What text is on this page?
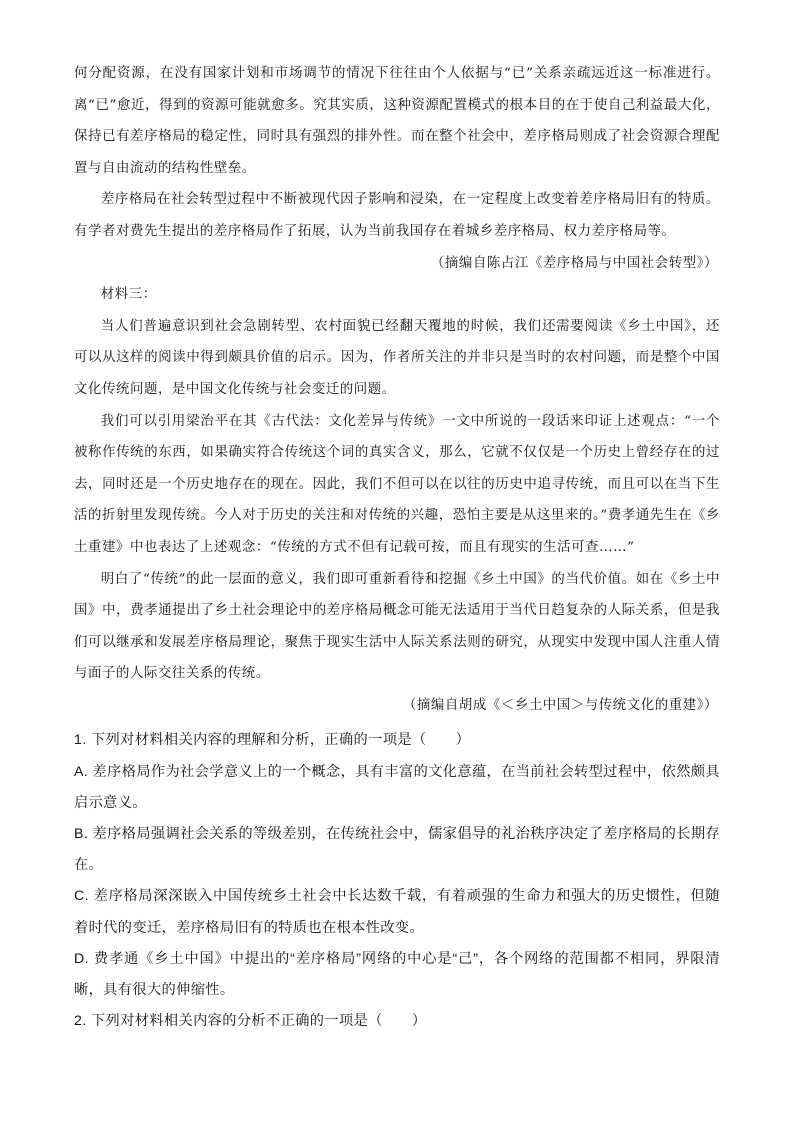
何分配资源，在没有国家计划和市场调节的情况下往往由个人依据与“已”关系亲疏远近这一标准进行。离“已”愈近，得到的资源可能就愈多。究其实质，这种资源配置模式的根本目的在于使自己利益最大化，保持已有差序格局的稳定性，同时具有强烈的排外性。而在整个社会中，差序格局则成了社会资源合理配置与自由流动的结构性壁垒。

差序格局在社会转型过程中不断被现代因子影响和浸染，在一定程度上改变着差序格局旧有的特质。有学者对费先生提出的差序格局作了拓展，认为当前我国存在着城乡差序格局、权力差序格局等。

（摘编自陈占江《差序格局与中国社会转型》）

材料三：

当人们普遍意识到社会急剧转型、农村面貌已经翻天覆地的时候，我们还需要阅读《乡土中国》，还可以从这样的阅读中得到颇具价值的启示。因为，作者所关注的并非只是当时的农村问题，而是整个中国文化传统问题，是中国文化传统与社会变迁的问题。

我们可以引用梁治平在其《古代法：文化差异与传统》一文中所说的一段话来印证上述观点：“一个被称作传统的东西，如果确实符合传统这个词的真实含义，那么，它就不仅仅是一个历史上曾经存在的过去，同时还是一个历史地存在的现在。因此，我们不但可以在以往的历史中追寻传统，而且可以在当下生活的折射里发现传统。今人对于历史的关注和对传统的兴趣，恐怕主要是从这里来的。”费孝通先生在《乡土重建》中也表达了上述观念：“传统的方式不但有记载可按，而且有现实的生活可查……”

明白了“传统”的此一层面的意义，我们即可重新看待和挖掘《乡土中国》的当代价值。如在《乡土中国》中，费孝通提出了乡土社会理论中的差序格局概念可能无法适用于当代日趋复杂的人际关系，但是我们可以继承和发展差序格局理论，聚焦于现实生活中人际关系法则的研究，从现实中发现中国人注重人情与面子的人际交往关系的传统。

（摘编自胡成《＜乡土中国＞与传统文化的重建》）

1. 下列对材料相关内容的理解和分析，正确的一项是（　　）

A. 差序格局作为社会学意义上的一个概念，具有丰富的文化意蕴，在当前社会转型过程中，依然颇具启示意义。

B. 差序格局强调社会关系的等级差别，在传统社会中，儒家倡导的礼治秩序决定了差序格局的长期存在。

C. 差序格局深深嵌入中国传统乡土社会中长达数千载，有着顽强的生命力和强大的历史惯性，但随着时代的变迁，差序格局旧有的特质也在根本性改变。

D. 费孝通《乡土中国》中提出的“差序格局”网络的中心是“己”，各个网络的范围都不相同，界限清晰，具有很大的伸缩性。

2. 下列对材料相关内容的分析不正确的一项是（　　）
